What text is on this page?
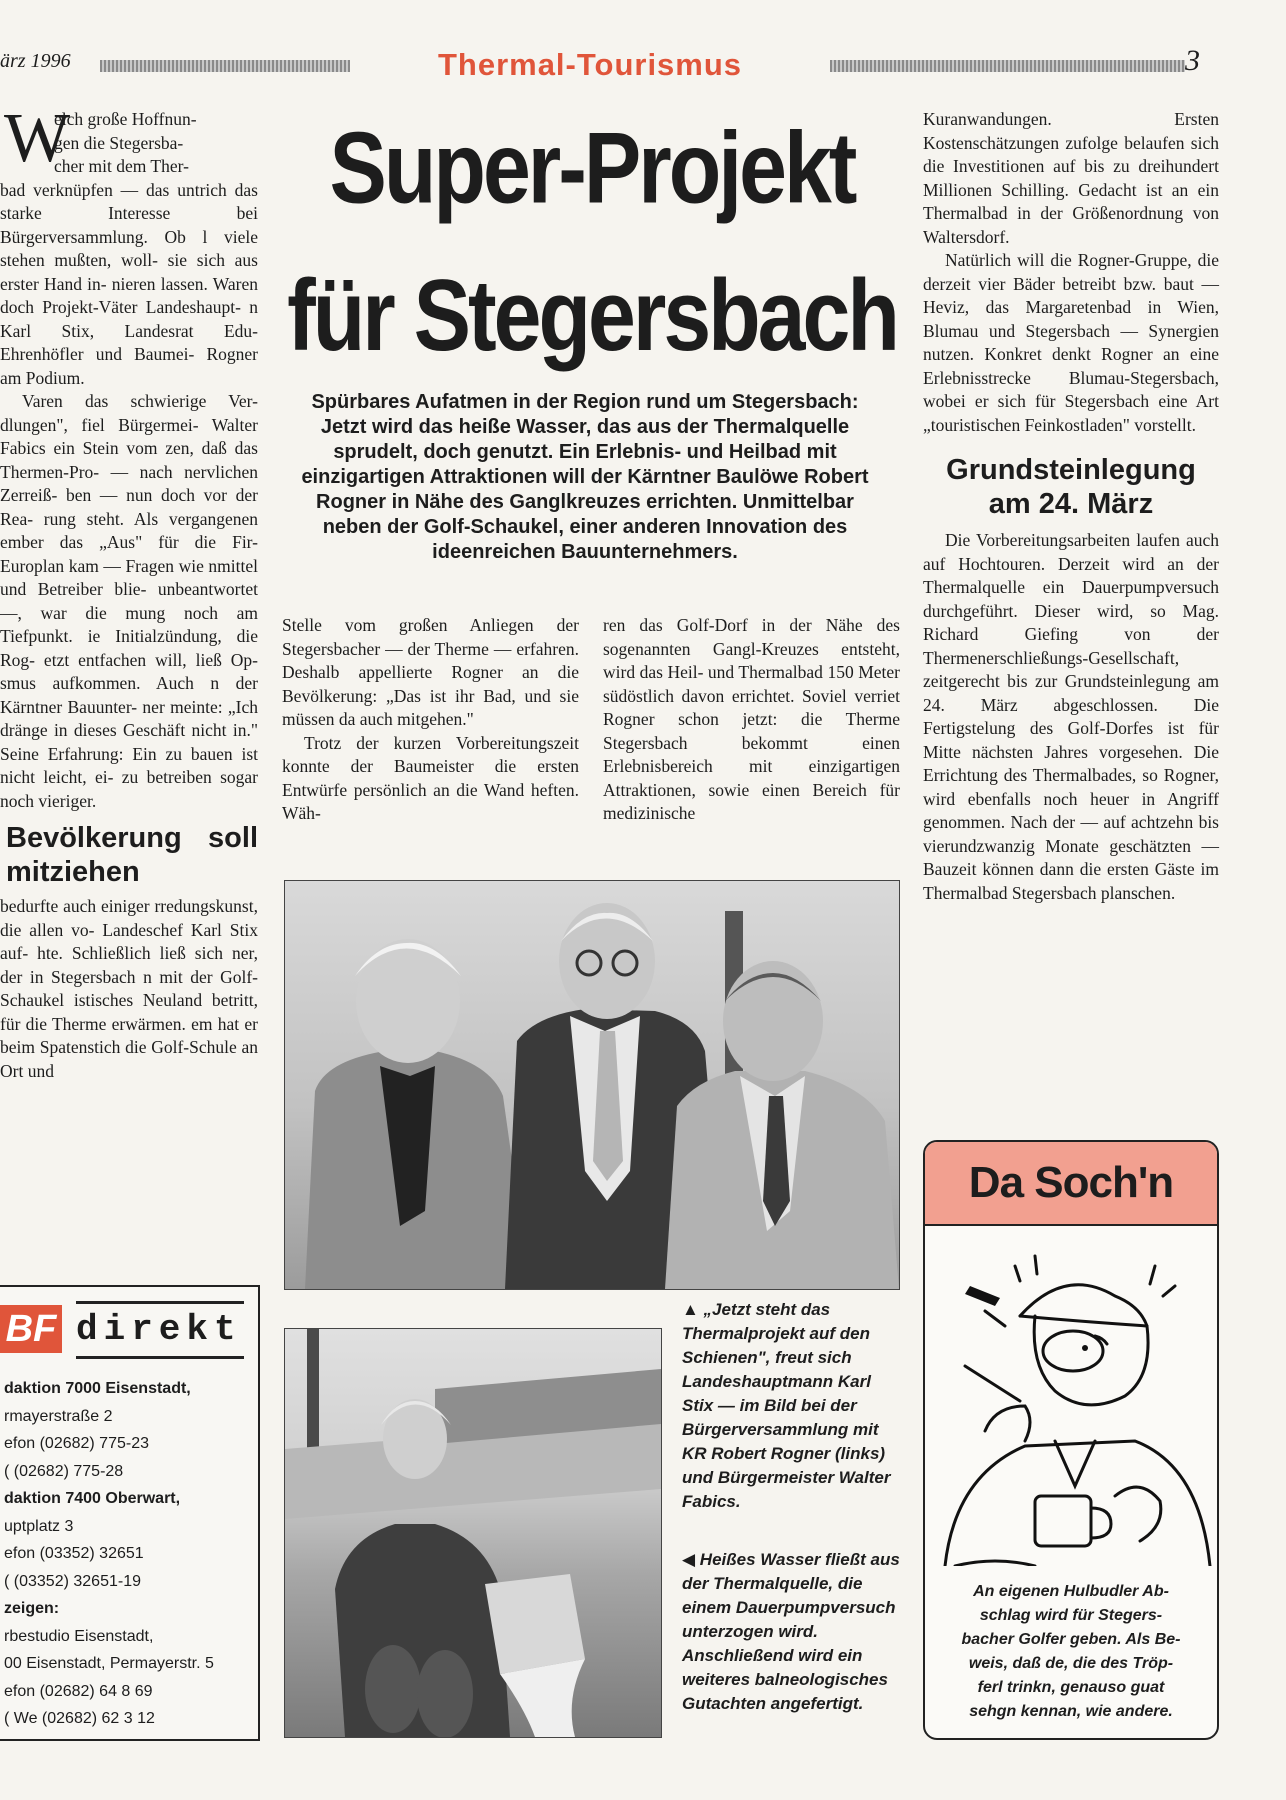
ärz 1996	Thermal-Tourismus	3
W
elch große Hoffnun-
gen die Stegersba-
cher mit dem Ther-

bad verknüpfen — das untrich das starke Interesse bei Bürgerversammlung. Ob l viele stehen mußten, woll- sie sich aus erster Hand in- nieren lassen. Waren doch Projekt-Väter Landeshaupt- n Karl Stix, Landesrat Edu- Ehrenhöfler und Baumei- Rogner am Podium.

Varen das schwierige Ver- dlungen", fiel Bürgermei- Walter Fabics ein Stein vom zen, daß das Thermen-Pro- — nach nervlichen Zerreiß- ben — nun doch vor der Rea- rung steht. Als vergangenen ember das „Aus" für die Fir- Europlan kam — Fragen wie nmittel und Betreiber blie- unbeantwortet —, war die mung noch am Tiefpunkt. ie Initialzündung, die Rog- etzt entfachen will, ließ Op- smus aufkommen. Auch n der Kärntner Bauunter- ner meinte: „Ich dränge in dieses Geschäft nicht in." Seine Erfahrung: Ein zu bauen ist nicht leicht, ei- zu betreiben sogar noch vieriger.

Bevölkerung soll mitziehen

bedurfte auch einiger rredungskunst, die allen vo- Landeschef Karl Stix auf- hte. Schließlich ließ sich ner, der in Stegersbach n mit der Golf-Schaukel istisches Neuland betritt, für die Therme erwärmen. em hat er beim Spatenstich die Golf-Schule an Ort und

BF direkt
daktion 7000 Eisenstadt,
rmayerstraße 2
efon (02682) 775-23
( (02682) 775-28
daktion 7400 Oberwart,
uptplatz 3
efon (03352) 32651
( (03352) 32651-19
zeigen:
rbestudio Eisenstadt,
00 Eisenstadt, Permayerstr. 5
efon (02682) 64 8 69
( We (02682) 62 3 12
Super-Projekt
für Stegersbach
Spürbares Aufatmen in der Region rund um Stegersbach: Jetzt wird das heiße Wasser, das aus der Thermalquelle sprudelt, doch genutzt. Ein Erlebnis- und Heilbad mit einzigartigen Attraktionen will der Kärntner Baulöwe Robert Rogner in Nähe des Ganglkreuzes errichten. Unmittelbar neben der Golf-Schaukel, einer anderen Innovation des ideenreichen Bauunternehmers.

Stelle vom großen Anliegen der Stegersbacher — der Therme — erfahren. Deshalb appellierte Rogner an die Bevölkerung: „Das ist ihr Bad, und sie müssen da auch mitgehen."

Trotz der kurzen Vorbereitungszeit konnte der Baumeister die ersten Entwürfe persönlich an die Wand heften. Wäh-

ren das Golf-Dorf in der Nähe des sogenannten Gangl-Kreuzes entsteht, wird das Heil- und Thermalbad 150 Meter südöstlich davon errichtet. Soviel verriet Rogner schon jetzt: die Therme Stegersbach bekommt einen Erlebnisbereich mit einzigartigen Attraktionen, sowie einen Bereich für medizinische

Kuranwandungen. Ersten Kostenschätzungen zufolge belaufen sich die Investitionen auf bis zu dreihundert Millionen Schilling. Gedacht ist an ein Thermalbad in der Größenordnung von Waltersdorf.

Natürlich will die Rogner-Gruppe, die derzeit vier Bäder betreibt bzw. baut — Heviz, das Margaretenbad in Wien, Blumau und Stegersbach — Synergien nutzen. Konkret denkt Rogner an eine Erlebnisstrecke Blumau-Stegersbach, wobei er sich für Stegersbach eine Art „touristischen Feinkostladen" vorstellt.

Grundsteinlegung am 24. März

Die Vorbereitungsarbeiten laufen auch auf Hochtouren. Derzeit wird an der Thermalquelle ein Dauerpumpversuch durchgeführt. Dieser wird, so Mag. Richard Giefing von der Thermenerschließungs-Gesellschaft, zeitgerecht bis zur Grundsteinlegung am 24. März abgeschlossen. Die Fertigstelung des Golf-Dorfes ist für Mitte nächsten Jahres vorgesehen. Die Errichtung des Thermalbades, so Rogner, wird ebenfalls noch heuer in Angriff genommen. Nach der — auf achtzehn bis vierundzwanzig Monate geschätzten — Bauzeit können dann die ersten Gäste im Thermalbad Stegersbach planschen.

▲ „Jetzt steht das Thermalprojekt auf den Schienen", freut sich Landeshauptmann Karl Stix — im Bild bei der Bürgerversammlung mit KR Robert Rogner (links) und Bürgermeister Walter Fabics.
◀ Heißes Wasser fließt aus der Thermalquelle, die einem Dauerpumpversuch unterzogen wird. Anschließend wird ein weiteres balneologisches Gutachten angefertigt.
Da Soch'n
An eigenen Hulbudler Ab-
schlag wird für Stegers-
bacher Golfer geben. Als Be-
weis, daß de, die des Tröp-
ferl trinkn, genauso guat
sehgn kennan, wie andere.
